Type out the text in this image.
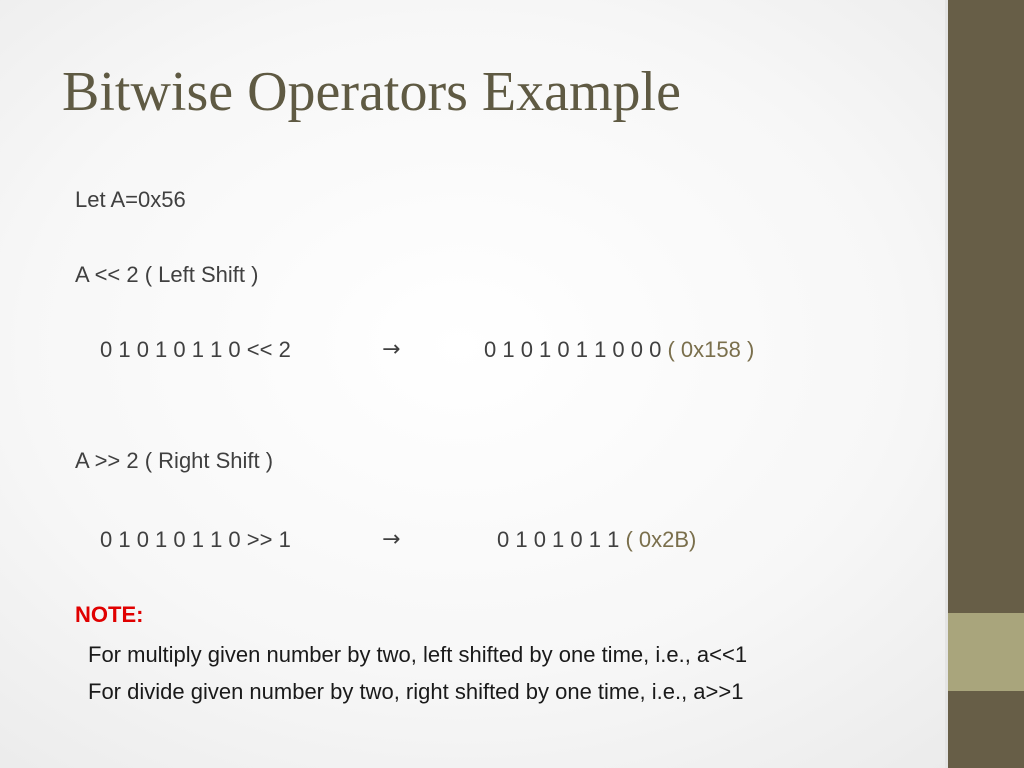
Bitwise Operators Example
Let A=0x56
A << 2 ( Left Shift )
0 1 0 1 0 1 1 0 << 2	→	0 1 0 1 0 1 1 0 0 0 ( 0x158 )
A >> 2 ( Right Shift )
0 1 0 1 0 1 1 0 >> 1	→	0 1 0 1 0 1 1 ( 0x2B)
NOTE:
For multiply given number by two, left shifted by one time, i.e., a<<1
For divide given number by two, right shifted by one time, i.e., a>>1
